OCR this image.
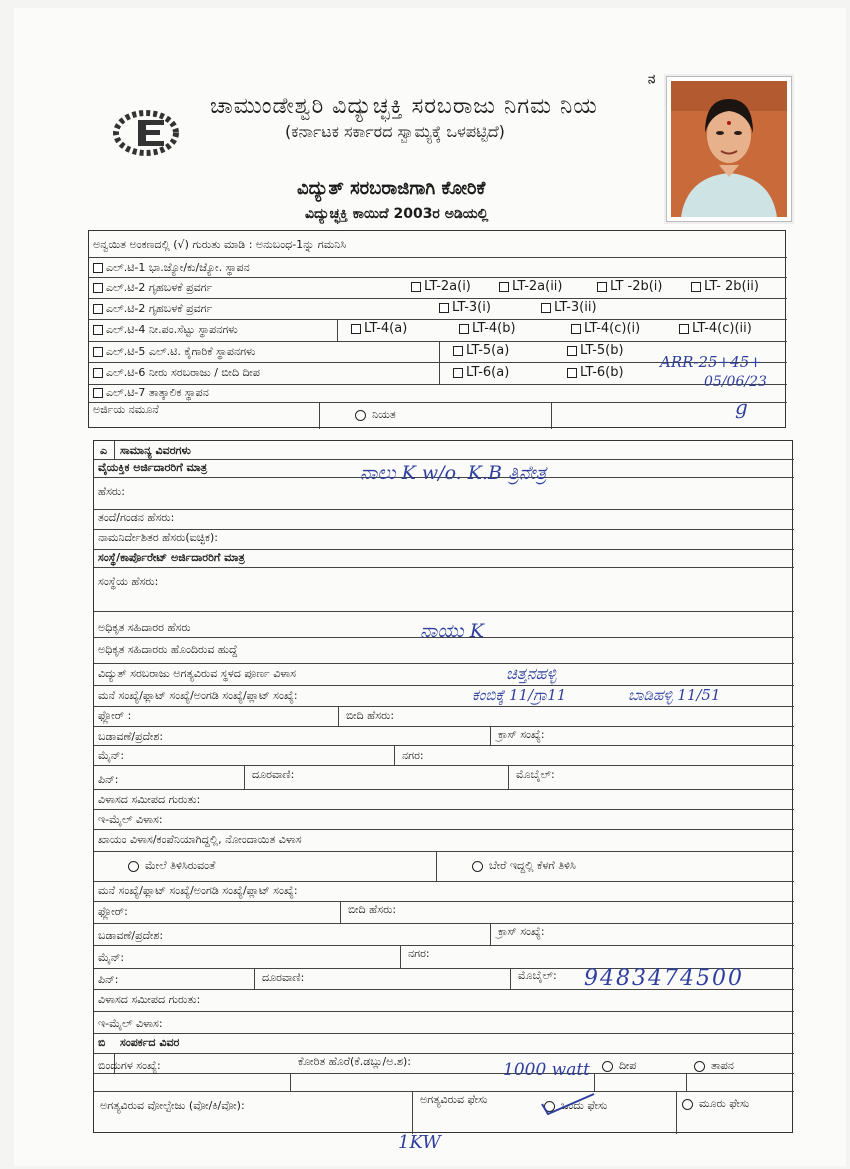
ನ
ಚಾಮುಂಡೇಶ್ವರಿ ವಿದ್ಯುಚ್ಛಕ್ತಿ ಸರಬರಾಜು ನಿಗಮ ನಿಯ
(ಕರ್ನಾಟಕ ಸರ್ಕಾರದ ಸ್ವಾಮ್ಯಕ್ಕೆ ಒಳಪಟ್ಟಿದೆ)
ವಿದ್ಯುತ್ ಸರಬರಾಜಿಗಾಗಿ ಕೋರಿಕೆ
ವಿದ್ಯುಚ್ಛಕ್ತಿ ಕಾಯಿದೆ 2003ರ ಅಡಿಯಲ್ಲಿ
ಅನ್ವಯಿತ ಅಂಕಣದಲ್ಲಿ (√) ಗುರುತು ಮಾಡಿ : ಅನುಬಂಧ-1ನ್ನು ಗಮನಿಸಿ
ಎಲ್.ಟಿ-1 ಭಾ.ಜ್ಯೋ/ಕು/ಜ್ಯೋ. ಸ್ಥಾಪನ
ಎಲ್.ಟಿ-2 ಗೃಹಬಳಕೆ ಪ್ರವರ್ಗ	LT-2a(i)	LT-2a(ii)	LT -2b(i)	LT- 2b(ii)
ಎಲ್.ಟಿ-2 ಗೃಹಬಳಕೆ ಪ್ರವರ್ಗ	LT-3(i)	LT-3(ii)
ಎಲ್.ಟಿ-4 ನೀ.ಪಂ.ಸೆಟ್ಟು ಸ್ಥಾಪನಗಳು	LT-4(a)	LT-4(b)	LT-4(c)(i)	LT-4(c)(ii)
ಎಲ್.ಟಿ-5 ಎಲ್.ಟಿ. ಕೈಗಾರಿಕೆ ಸ್ಥಾಪನಗಳು	LT-5(a)	LT-5(b)
ಎಲ್.ಟಿ-6 ನೀರು ಸರಬರಾಜು / ಬೀದಿ ದೀಪ	LT-6(a)	LT-6(b)
ಎಲ್.ಟಿ-7 ತಾತ್ಕಾಲಿಕ ಸ್ಥಾಪನ
ಅರ್ಜಿಯ ನಮೂನೆ	ನಿಯತ
ARR-25+45+
05/06/23
g
ಎ ಸಾಮಾನ್ಯ ವಿವರಗಳು
ವೈಯಕ್ತಿಕ ಅರ್ಜಿದಾರರಿಗೆ ಮಾತ್ರ
ಹೆಸರು:
ತಂದೆ/ಗಂಡನ ಹೆಸರು:
ನಾಮನಿರ್ದೇಶಿತರ ಹೆಸರು(ಐಚ್ಛಿಕ):
ಸಂಸ್ಥೆ/ಕಾರ್ಪೊರೇಟ್ ಅರ್ಜಿದಾರರಿಗೆ ಮಾತ್ರ
ಸಂಸ್ಥೆಯ ಹೆಸರು:
ಅಧಿಕೃತ ಸಹಿದಾರರ ಹೆಸರು
ಅಧಿಕೃತ ಸಹಿದಾರರು ಹೊಂದಿರುವ ಹುದ್ದೆ
ವಿದ್ಯುತ್ ಸರಬರಾಜು ಅಗತ್ಯವಿರುವ ಸ್ಥಳದ ಪೂರ್ಣ ವಿಳಾಸ
ಮನೆ ಸಂಖ್ಯೆ/ಫ್ಲಾಟ್ ಸಂಖ್ಯೆ/ಅಂಗಡಿ ಸಂಖ್ಯೆ/ಪ್ಲಾಟ್ ಸಂಖ್ಯೆ:
ಫ್ಲೋರ್ :	ಬೀದಿ ಹೆಸರು:
ಬಡಾವಣೆ/ಪ್ರದೇಶ:	ಕ್ರಾಸ್ ಸಂಖ್ಯೆ:
ಮೈನ್:	ನಗರ:
ಪಿನ್:	ದೂರವಾಣಿ:	ಮೊಬೈಲ್:
ವಿಳಾಸದ ಸಮೀಪದ ಗುರುತು:
ಇ-ಮೈಲ್ ವಿಳಾಸ:
ಖಾಯಂ ವಿಳಾಸ/ಕಂಪೆನಿಯಾಗಿದ್ದಲ್ಲಿ, ನೋಂದಾಯಿತ ವಿಳಾಸ
ಮೇಲೆ ತಿಳಿಸಿರುವಂತೆ	ಬೇರೆ ಇದ್ದಲ್ಲಿ ಕೆಳಗೆ ತಿಳಿಸಿ
ಮನೆ ಸಂಖ್ಯೆ/ಫ್ಲಾಟ್ ಸಂಖ್ಯೆ/ಅಂಗಡಿ ಸಂಖ್ಯೆ/ಪ್ಲಾಟ್ ಸಂಖ್ಯೆ:
ಫ್ಲೋರ್:	ಬೀದಿ ಹೆಸರು:
ಬಡಾವಣೆ/ಪ್ರದೇಶ:	ಕ್ರಾಸ್ ಸಂಖ್ಯೆ:
ಮೈನ್:	ನಗರ:
ಪಿನ್:	ದೂರವಾಣಿ:	ಮೊಬೈಲ್:
ವಿಳಾಸದ ಸಮೀಪದ ಗುರುತು:
ಇ-ಮೈಲ್ ವಿಳಾಸ:
ಬಿ ಸಂಪರ್ಕದ ವಿವರ
ಬಿಂದುಗಳ ಸಂಖ್ಯೆ:	ಕೋರಿತ ಹೊರೆ(ಕೆ.ಡಬ್ಲು/ಅ.ಶ):	ದೀಪ	ತಾಪನ
ಅಗತ್ಯವಿರುವ ವೋಲ್ಟೇಜು (ವೋ/ಕಿ/ವೋ):	ಅಗತ್ಯವಿರುವ ಫೇಸು	ಒಂದು ಫೇಸು	ಮೂರು ಫೇಸು
ನಾಲು K w/o. K.B ತ್ರಿನೇತ್ರ
ನಾಯು K
ಚಿತ್ತನಹಳ್ಳಿ
ಕಂಬಿಕ್ಕೆ 11/ಗ್ರಾ11	ಬಾಡಿಹಳ್ಳಿ 11/51
9483474500
1000 watt
1KW
